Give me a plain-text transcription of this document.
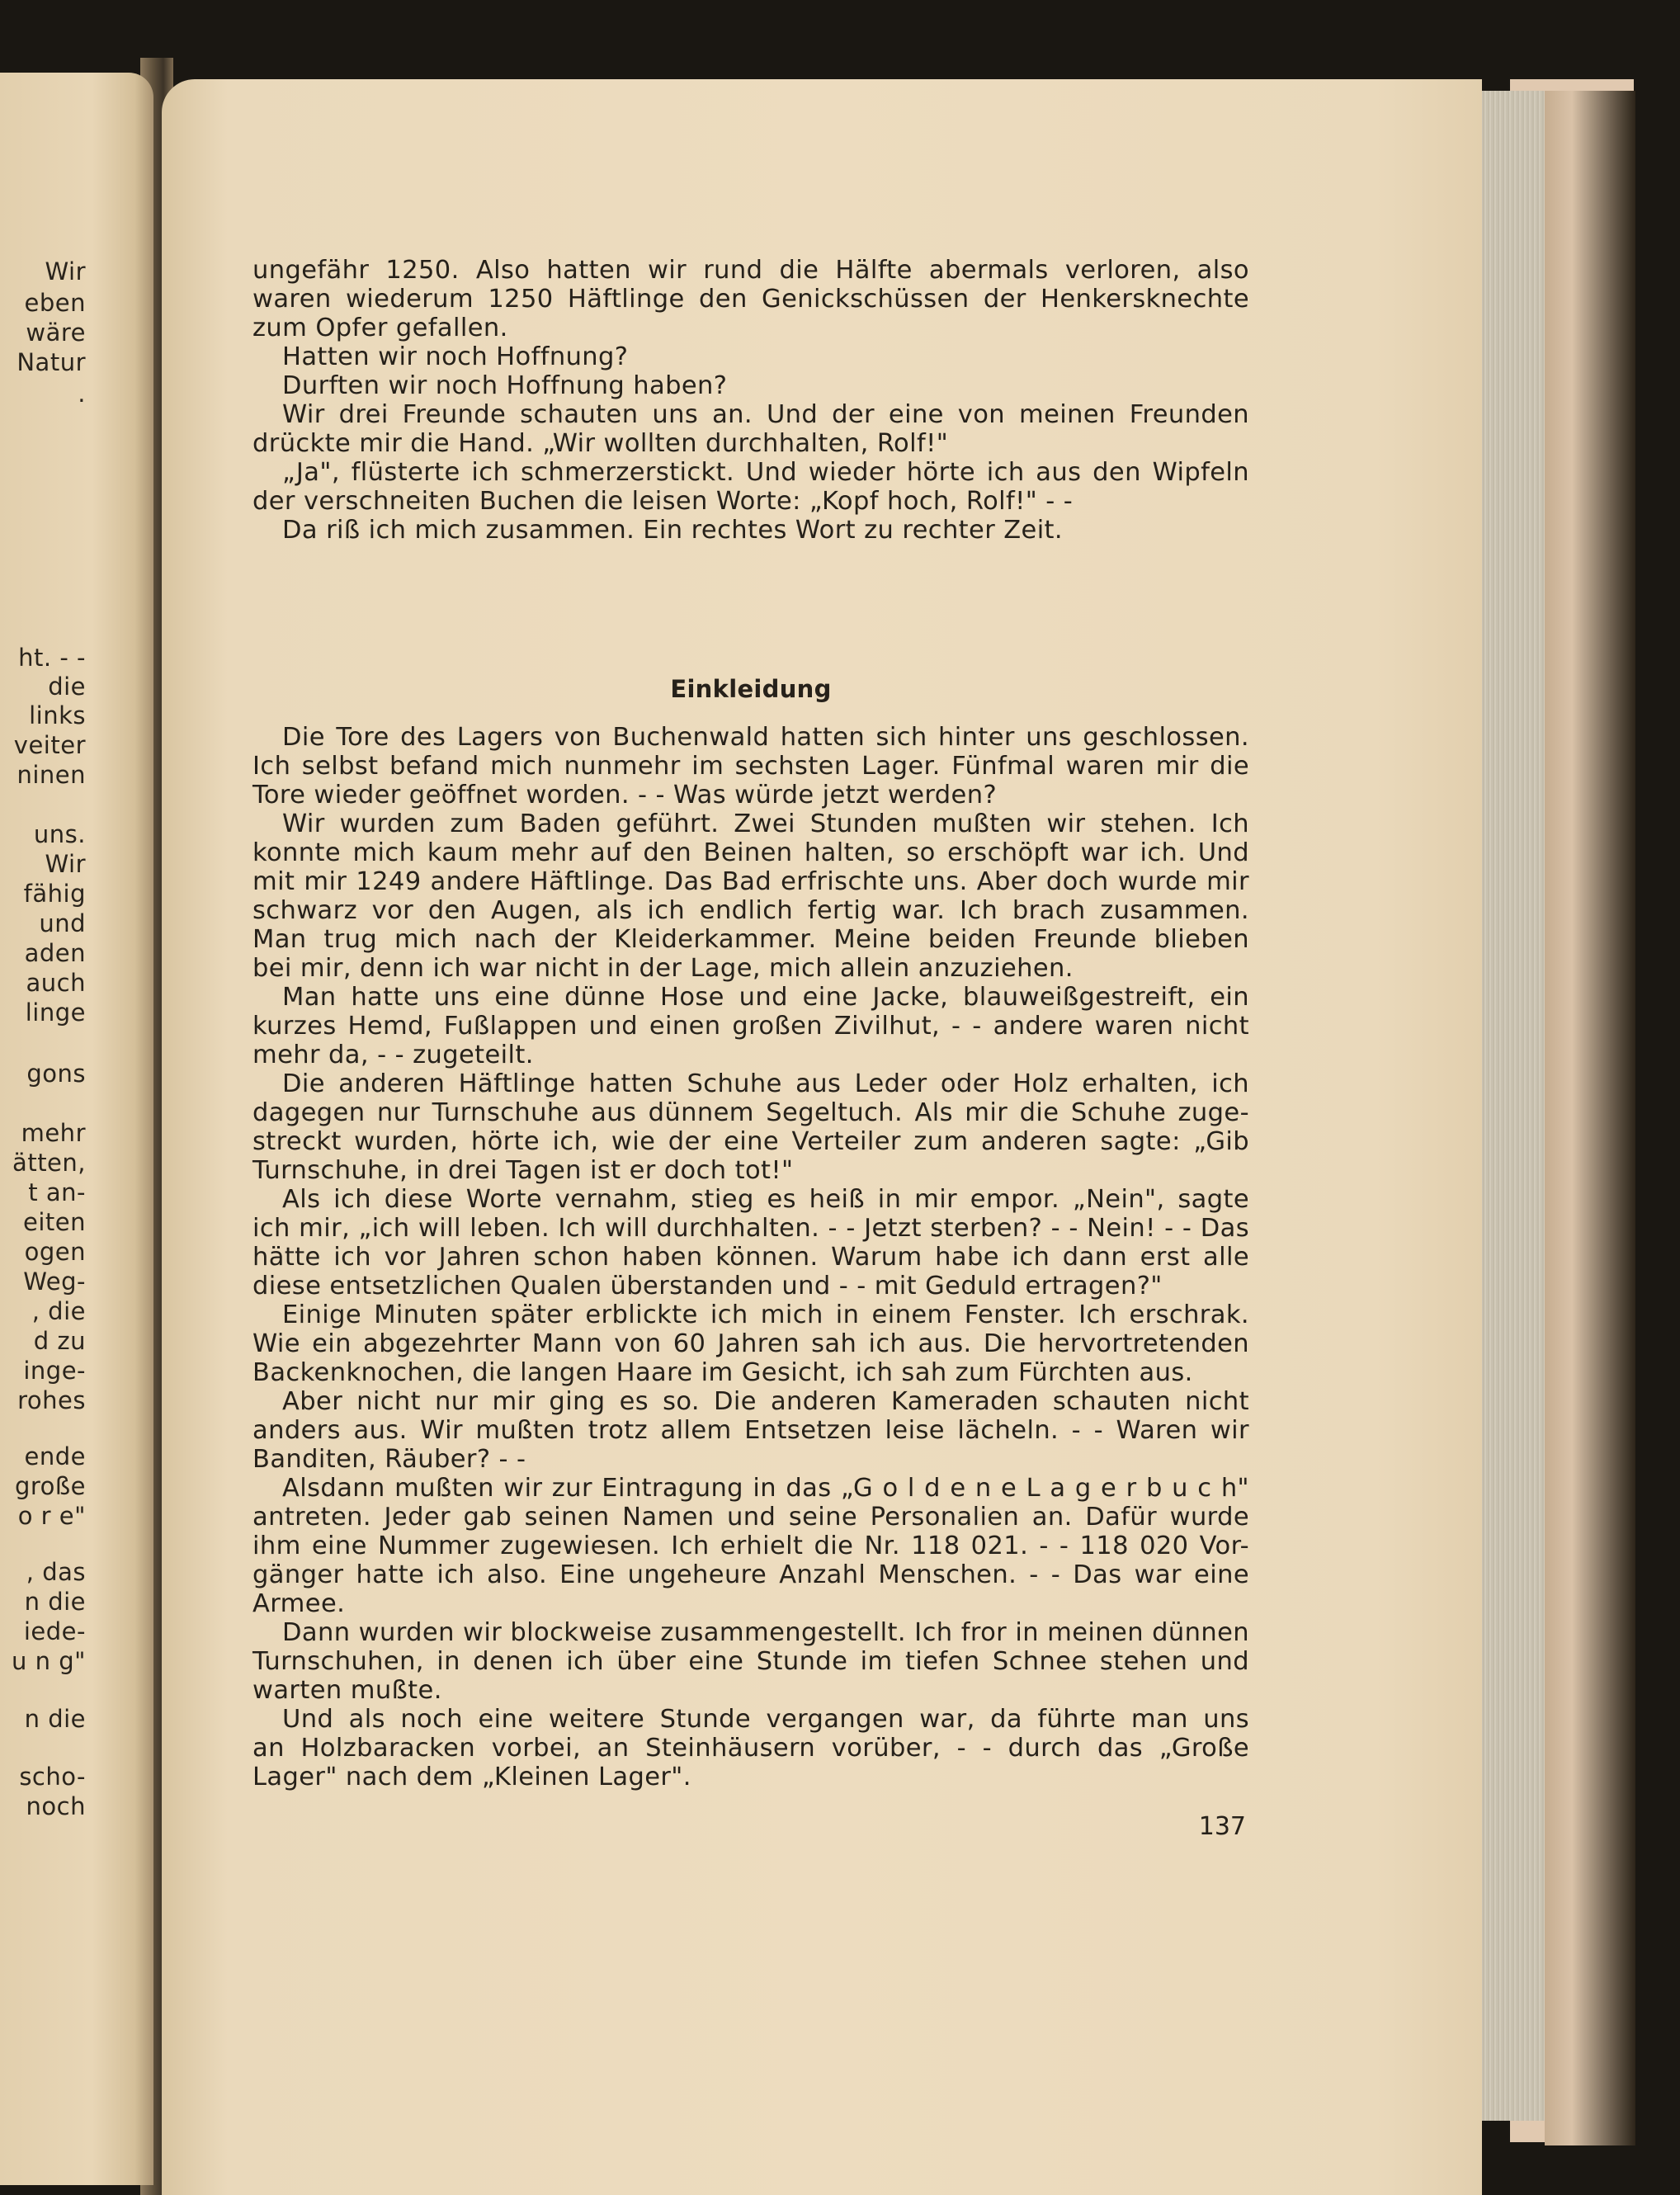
Wir
eben
wäre
Natur
.
ht. - -
die
links
veiter
ninen
uns.
Wir
fähig
und
aden
auch
linge
gons
mehr
ätten,
t an-
eiten
ogen
Weg-
, die
d zu
inge-
rohes
ende
große
o r e"
, das
n die
iede-
u n g"
n die
scho-
noch
ungefähr 1250. Also hatten wir rund die Hälfte abermals verloren, also
waren wiederum 1250 Häftlinge den Genickschüssen der Henkersknechte
zum Opfer gefallen.
Hatten wir noch Hoffnung?
Durften wir noch Hoffnung haben?
Wir drei Freunde schauten uns an. Und der eine von meinen Freunden
drückte mir die Hand. „Wir wollten durchhalten, Rolf!"
„Ja", flüsterte ich schmerzerstickt. Und wieder hörte ich aus den Wipfeln
der verschneiten Buchen die leisen Worte: „Kopf hoch, Rolf!" - -
Da riß ich mich zusammen. Ein rechtes Wort zu rechter Zeit.
Einkleidung
Die Tore des Lagers von Buchenwald hatten sich hinter uns geschlossen.
Ich selbst befand mich nunmehr im sechsten Lager. Fünfmal waren mir die
Tore wieder geöffnet worden. - - Was würde jetzt werden?
Wir wurden zum Baden geführt. Zwei Stunden mußten wir stehen. Ich
konnte mich kaum mehr auf den Beinen halten, so erschöpft war ich. Und
mit mir 1249 andere Häftlinge. Das Bad erfrischte uns. Aber doch wurde mir
schwarz vor den Augen, als ich endlich fertig war. Ich brach zusammen.
Man trug mich nach der Kleiderkammer. Meine beiden Freunde blieben
bei mir, denn ich war nicht in der Lage, mich allein anzuziehen.
Man hatte uns eine dünne Hose und eine Jacke, blauweißgestreift, ein
kurzes Hemd, Fußlappen und einen großen Zivilhut, - - andere waren nicht
mehr da, - - zugeteilt.
Die anderen Häftlinge hatten Schuhe aus Leder oder Holz erhalten, ich
dagegen nur Turnschuhe aus dünnem Segeltuch. Als mir die Schuhe zuge-
streckt wurden, hörte ich, wie der eine Verteiler zum anderen sagte: „Gib
Turnschuhe, in drei Tagen ist er doch tot!"
Als ich diese Worte vernahm, stieg es heiß in mir empor. „Nein", sagte
ich mir, „ich will leben. Ich will durchhalten. - - Jetzt sterben? - - Nein! - - Das
hätte ich vor Jahren schon haben können. Warum habe ich dann erst alle
diese entsetzlichen Qualen überstanden und - - mit Geduld ertragen?"
Einige Minuten später erblickte ich mich in einem Fenster. Ich erschrak.
Wie ein abgezehrter Mann von 60 Jahren sah ich aus. Die hervortretenden
Backenknochen, die langen Haare im Gesicht, ich sah zum Fürchten aus.
Aber nicht nur mir ging es so. Die anderen Kameraden schauten nicht
anders aus. Wir mußten trotz allem Entsetzen leise lächeln. - - Waren wir
Banditen, Räuber? - -
Alsdann mußten wir zur Eintragung in das „G o l d e n e L a g e r b u c h"
antreten. Jeder gab seinen Namen und seine Personalien an. Dafür wurde
ihm eine Nummer zugewiesen. Ich erhielt die Nr. 118 021. - - 118 020 Vor-
gänger hatte ich also. Eine ungeheure Anzahl Menschen. - - Das war eine
Armee.
Dann wurden wir blockweise zusammengestellt. Ich fror in meinen dünnen
Turnschuhen, in denen ich über eine Stunde im tiefen Schnee stehen und
warten mußte.
Und als noch eine weitere Stunde vergangen war, da führte man uns
an Holzbaracken vorbei, an Steinhäusern vorüber, - - durch das „Große
Lager" nach dem „Kleinen Lager".
137
